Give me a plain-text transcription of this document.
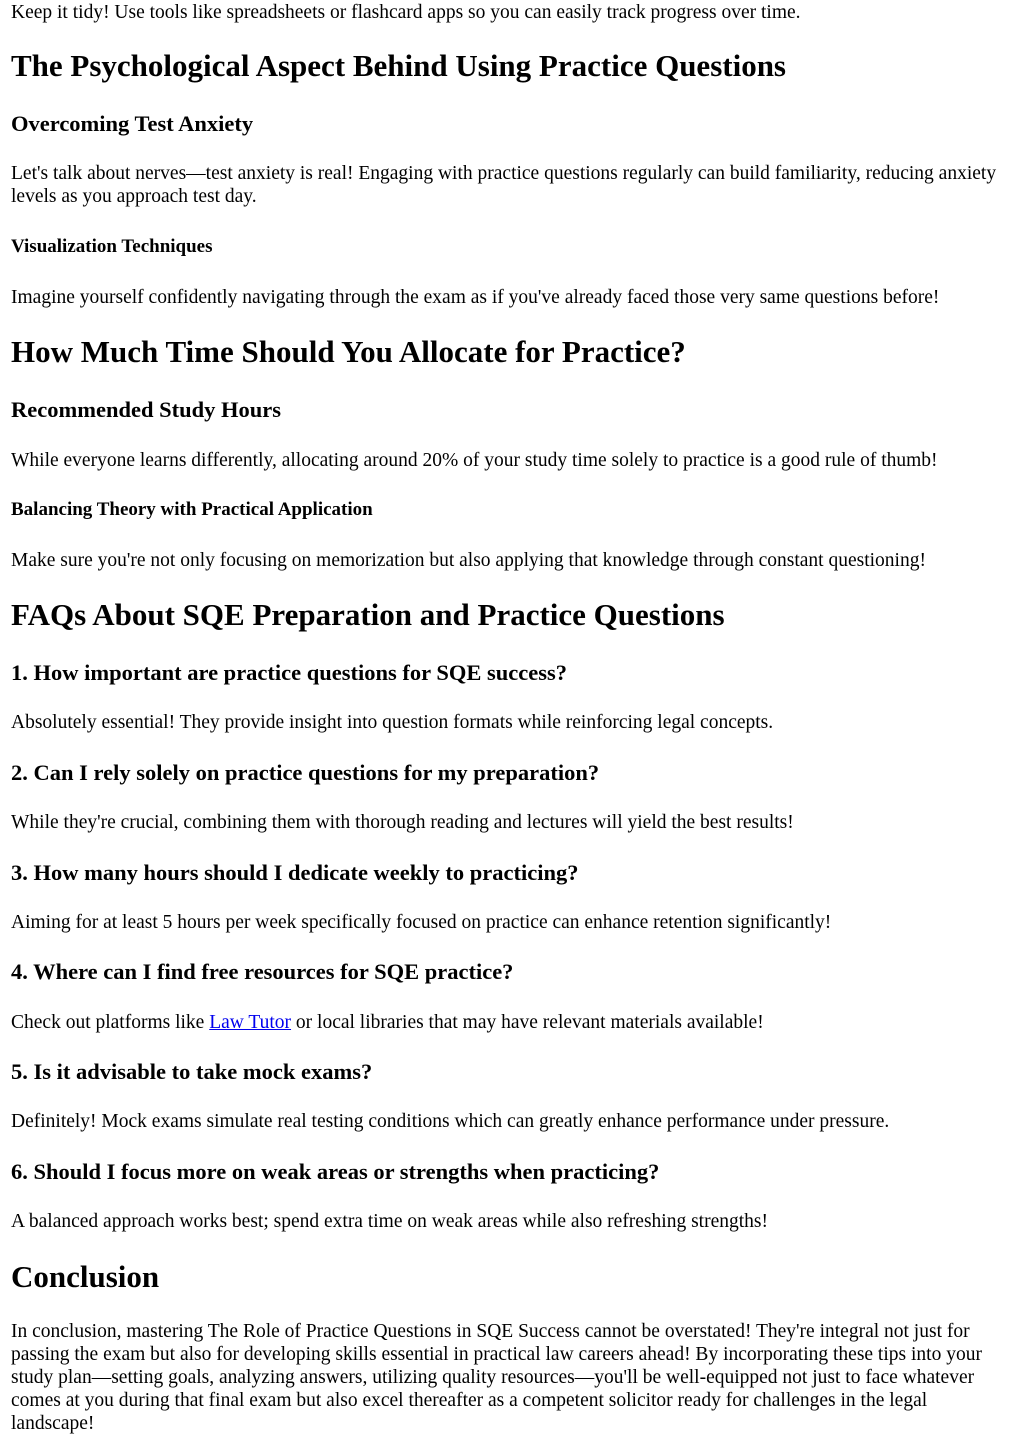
Keep it tidy! Use tools like spreadsheets or flashcard apps so you can easily track progress over time.

The Psychological Aspect Behind Using Practice Questions
Overcoming Test Anxiety

Let's talk about nerves—test anxiety is real! Engaging with practice questions regularly can build familiarity, reducing anxiety levels as you approach test day.

Visualization Techniques

Imagine yourself confidently navigating through the exam as if you've already faced those very same questions before!

How Much Time Should You Allocate for Practice?
Recommended Study Hours

While everyone learns differently, allocating around 20% of your study time solely to practice is a good rule of thumb!

Balancing Theory with Practical Application

Make sure you're not only focusing on memorization but also applying that knowledge through constant questioning!

FAQs About SQE Preparation and Practice Questions
1. How important are practice questions for SQE success?

Absolutely essential! They provide insight into question formats while reinforcing legal concepts.

2. Can I rely solely on practice questions for my preparation?

While they're crucial, combining them with thorough reading and lectures will yield the best results!

3. How many hours should I dedicate weekly to practicing?

Aiming for at least 5 hours per week specifically focused on practice can enhance retention significantly!

4. Where can I find free resources for SQE practice?

Check out platforms like Law Tutor or local libraries that may have relevant materials available!

5. Is it advisable to take mock exams?

Definitely! Mock exams simulate real testing conditions which can greatly enhance performance under pressure.

6. Should I focus more on weak areas or strengths when practicing?

A balanced approach works best; spend extra time on weak areas while also refreshing strengths!

Conclusion

In conclusion, mastering The Role of Practice Questions in SQE Success cannot be overstated! They're integral not just for passing the exam but also for developing skills essential in practical law careers ahead! By incorporating these tips into your study plan—setting goals, analyzing answers, utilizing quality resources—you'll be well-equipped not just to face whatever comes at you during that final exam but also excel thereafter as a competent solicitor ready for challenges in the legal landscape!
